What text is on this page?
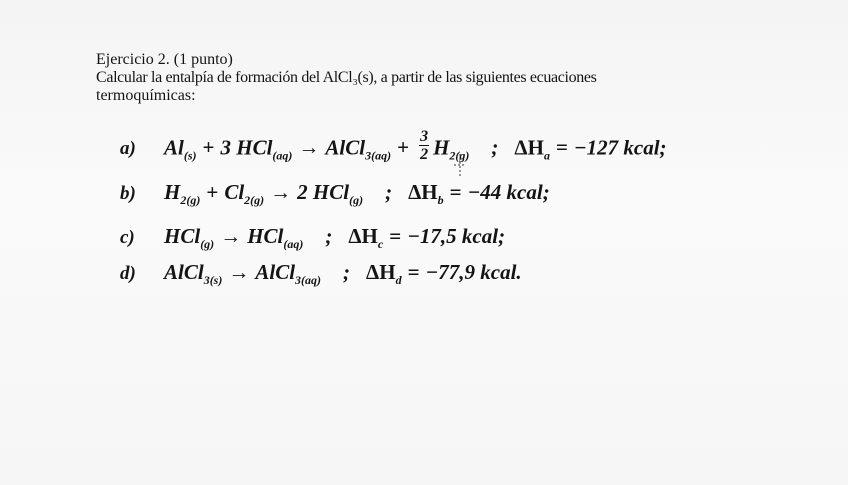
Ejercicio 2. (1 punto)
Calcular la entalpía de formación del AlCl₃(s), a partir de las siguientes ecuaciones
termoquímicas:
a)	$Al_{(s)} + 3$ HCl$_{(aq)}$ → AlCl$_{3(aq)}$ + $\frac{3}{2} H_{2(g)}$ ; $\Delta H_a = -127$ kcal;
b)	$H_{2(g)} + Cl_{2(g)} \to 2$ HCl$_{(g)}$ ; $\Delta H_b = -44$ kcal;
c)	HCl$_{(g)}$ → HCl$_{(aq)}$ ; $\Delta H_c = -17,5$ kcal;
d)	AlCl$_{3(s)}$ → AlCl$_{3(aq)}$ ; $\Delta H_d = -77,9$ kcal.
